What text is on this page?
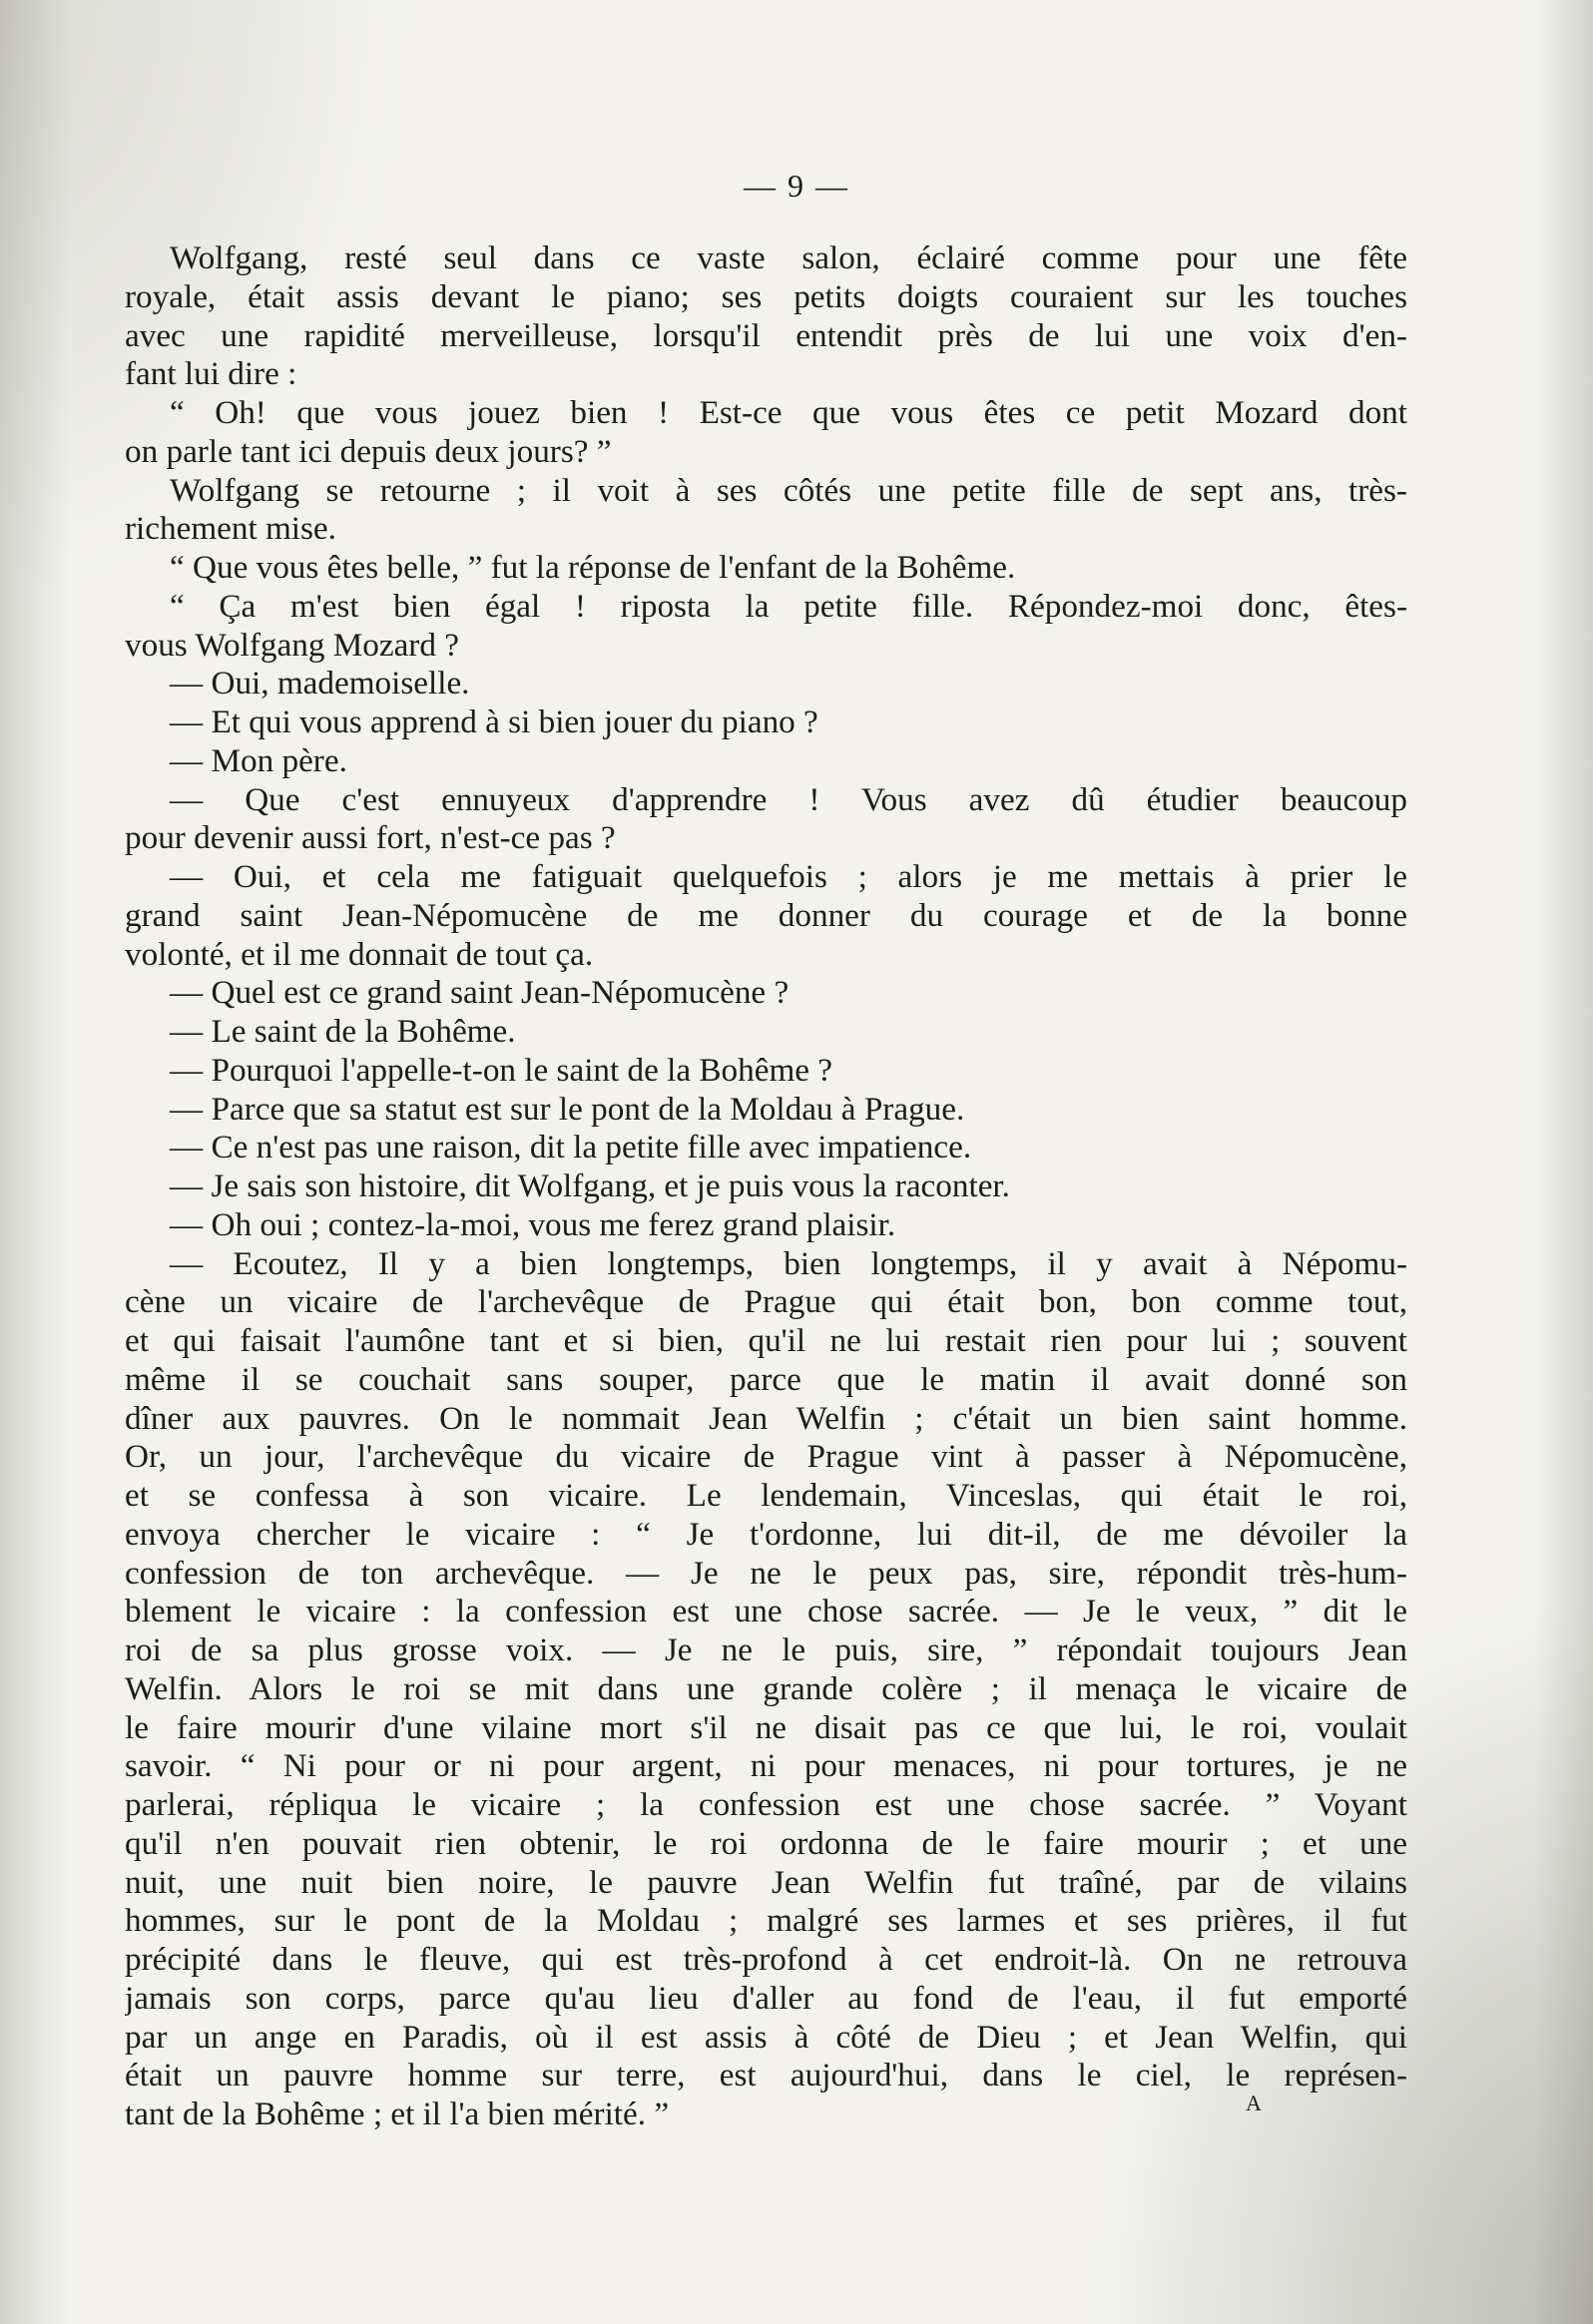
— 9 —
Wolfgang, resté seul dans ce vaste salon, éclairé comme pour une fête
royale, était assis devant le piano; ses petits doigts couraient sur les touches
avec une rapidité merveilleuse, lorsqu'il entendit près de lui une voix d'en-
fant lui dire :
“ Oh! que vous jouez bien ! Est-ce que vous êtes ce petit Mozard dont
on parle tant ici depuis deux jours? ”
Wolfgang se retourne ; il voit à ses côtés une petite fille de sept ans, très-
richement mise.
“ Que vous êtes belle, ” fut la réponse de l'enfant de la Bohême.
“ Ça m'est bien égal ! riposta la petite fille. Répondez-moi donc, êtes-
vous Wolfgang Mozard ?
— Oui, mademoiselle.
— Et qui vous apprend à si bien jouer du piano ?
— Mon père.
— Que c'est ennuyeux d'apprendre ! Vous avez dû étudier beaucoup
pour devenir aussi fort, n'est-ce pas ?
— Oui, et cela me fatiguait quelquefois ; alors je me mettais à prier le
grand saint Jean-Népomucène de me donner du courage et de la bonne
volonté, et il me donnait de tout ça.
— Quel est ce grand saint Jean-Népomucène ?
— Le saint de la Bohême.
— Pourquoi l'appelle-t-on le saint de la Bohême ?
— Parce que sa statut est sur le pont de la Moldau à Prague.
— Ce n'est pas une raison, dit la petite fille avec impatience.
— Je sais son histoire, dit Wolfgang, et je puis vous la raconter.
— Oh oui ; contez-la-moi, vous me ferez grand plaisir.
— Ecoutez, Il y a bien longtemps, bien longtemps, il y avait à Népomu-
cène un vicaire de l'archevêque de Prague qui était bon, bon comme tout,
et qui faisait l'aumône tant et si bien, qu'il ne lui restait rien pour lui ; souvent
même il se couchait sans souper, parce que le matin il avait donné son
dîner aux pauvres. On le nommait Jean Welfin ; c'était un bien saint homme.
Or, un jour, l'archevêque du vicaire de Prague vint à passer à Népomucène,
et se confessa à son vicaire. Le lendemain, Vinceslas, qui était le roi,
envoya chercher le vicaire : “ Je t'ordonne, lui dit-il, de me dévoiler la
confession de ton archevêque. — Je ne le peux pas, sire, répondit très-hum-
blement le vicaire : la confession est une chose sacrée. — Je le veux, ” dit le
roi de sa plus grosse voix. — Je ne le puis, sire, ” répondait toujours Jean
Welfin. Alors le roi se mit dans une grande colère ; il menaça le vicaire de
le faire mourir d'une vilaine mort s'il ne disait pas ce que lui, le roi, voulait
savoir. “ Ni pour or ni pour argent, ni pour menaces, ni pour tortures, je ne
parlerai, répliqua le vicaire ; la confession est une chose sacrée. ” Voyant
qu'il n'en pouvait rien obtenir, le roi ordonna de le faire mourir ; et une
nuit, une nuit bien noire, le pauvre Jean Welfin fut traîné, par de vilains
hommes, sur le pont de la Moldau ; malgré ses larmes et ses prières, il fut
précipité dans le fleuve, qui est très-profond à cet endroit-là. On ne retrouva
jamais son corps, parce qu'au lieu d'aller au fond de l'eau, il fut emporté
par un ange en Paradis, où il est assis à côté de Dieu ; et Jean Welfin, qui
était un pauvre homme sur terre, est aujourd'hui, dans le ciel, le représen-
tant de la Bohême ; et il l'a bien mérité. ”	A
